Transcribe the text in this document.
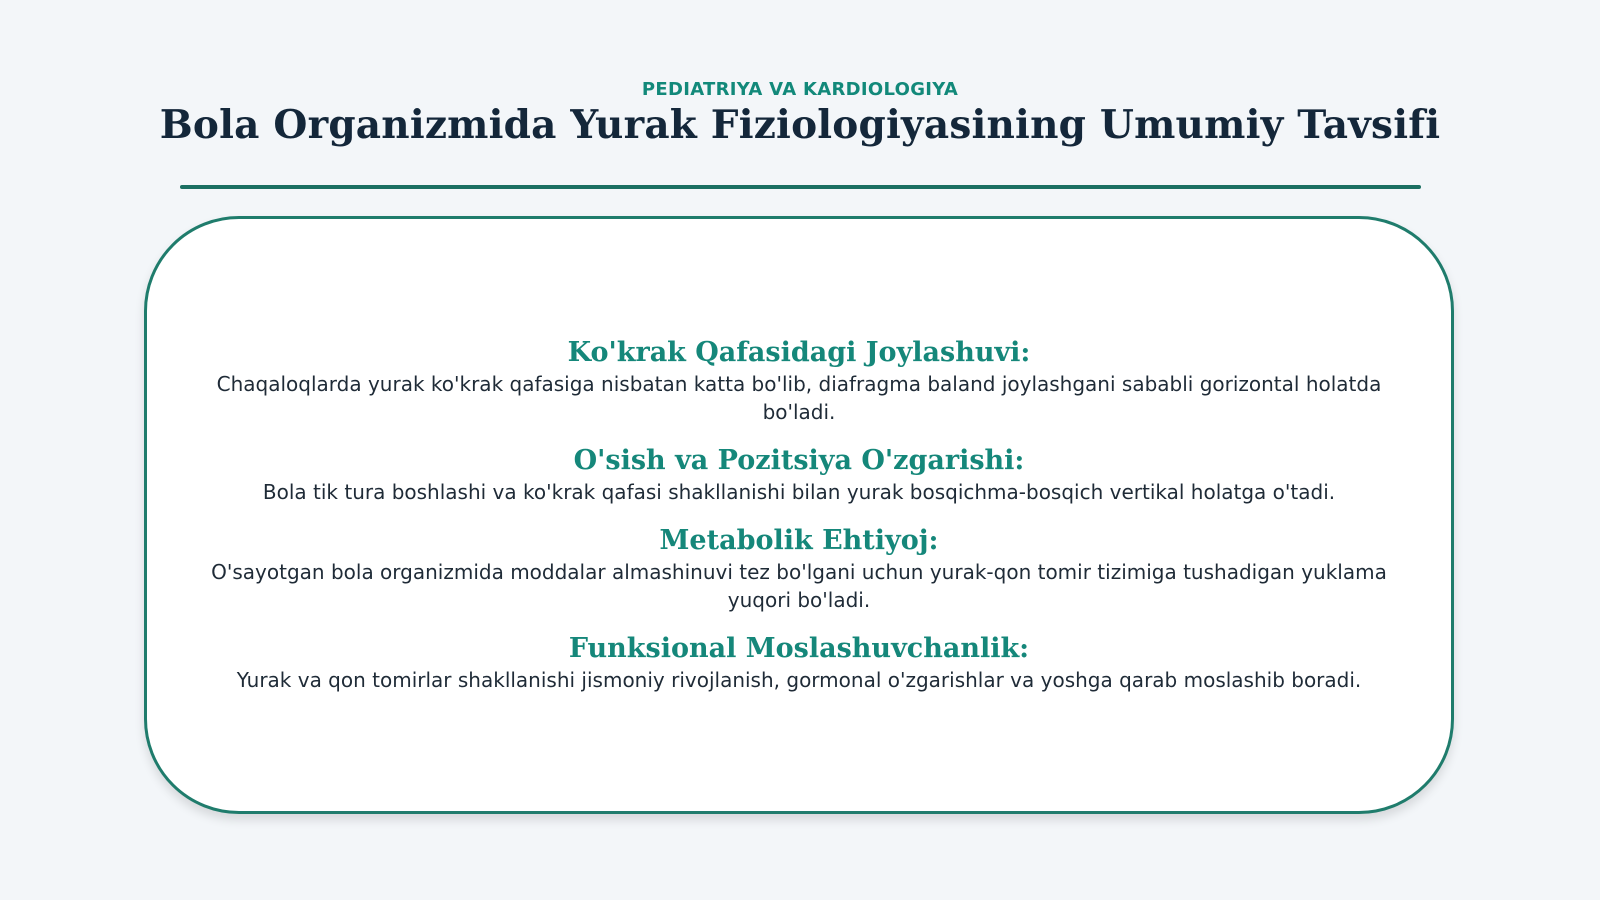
PEDIATRIYA VA KARDIOLOGIYA
Bola Organizmida Yurak Fiziologiyasining Umumiy Tavsifi
Ko'krak Qafasidagi Joylashuvi:
Chaqaloqlarda yurak ko'krak qafasiga nisbatan katta bo'lib, diafragma baland joylashgani sababli gorizontal holatda bo'ladi.
O'sish va Pozitsiya O'zgarishi:
Bola tik tura boshlashi va ko'krak qafasi shakllanishi bilan yurak bosqichma-bosqich vertikal holatga o'tadi.
Metabolik Ehtiyoj:
O'sayotgan bola organizmida moddalar almashinuvi tez bo'lgani uchun yurak-qon tomir tizimiga tushadigan yuklama yuqori bo'ladi.
Funksional Moslashuvchanlik:
Yurak va qon tomirlar shakllanishi jismoniy rivojlanish, gormonal o'zgarishlar va yoshga qarab moslashib boradi.
